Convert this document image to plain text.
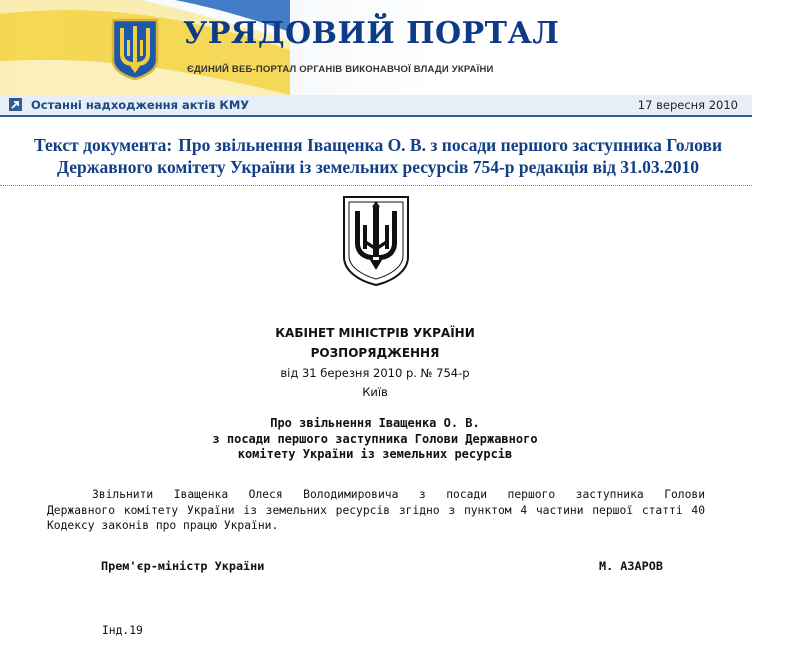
УРЯДОВИЙ ПОРТАЛ
ЄДИНИЙ ВЕБ-ПОРТАЛ ОРГАНІВ ВИКОНАВЧОЇ ВЛАДИ УКРАЇНИ
Останні надходження актів КМУ	17 вересня 2010
Текст документа: Про звільнення Іващенка О. В. з посади першого заступника Голови
Державного комітету України із земельних ресурсів 754-р редакція від 31.03.2010
КАБІНЕТ МІНІСТРІВ УКРАЇНИ
РОЗПОРЯДЖЕННЯ
від 31 березня 2010 р. № 754-р
Київ
Про звільнення Іващенка О. В.
з посади першого заступника Голови Державного
комітету України із земельних ресурсів
Звільнити Іващенка Олеся Володимировича з посади першого заступника Голови
Державного комітету України із земельних ресурсів згідно з пунктом 4 частини першої статті 40
Кодексу законів про працю України.
Прем'єр-міністр України	М. АЗАРОВ
Інд.19
